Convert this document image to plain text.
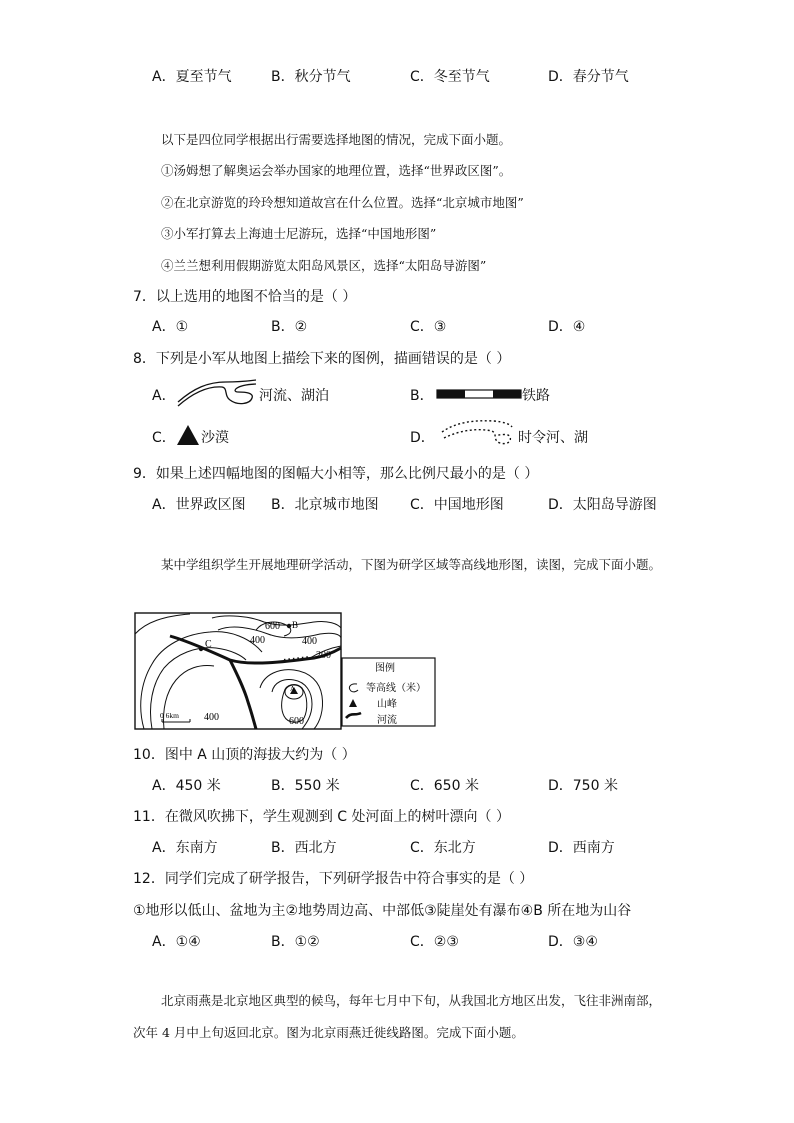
A．夏至节气	B．秋分节气	C．冬至节气	D．春分节气
以下是四位同学根据出行需要选择地图的情况，完成下面小题。
①汤姆想了解奥运会举办国家的地理位置，选择“世界政区图”。
②在北京游览的玲玲想知道故宫在什么位置。选择“北京城市地图”
③小军打算去上海迪士尼游玩，选择“中国地形图”
④兰兰想利用假期游览太阳岛风景区，选择“太阳岛导游图”
7．以上选用的地图不恰当的是（ ）
A．①	B．②	C．③	D．④
8．下列是小军从地图上描绘下来的图例，描画错误的是（ ）
A．	河流、湖泊	B．	铁路
C． 沙漠	D．	时令河、湖
9．如果上述四幅地图的图幅大小相等，那么比例尺最小的是（ ）
A．世界政区图 B．北京城市地图 C．中国地形图	D．太阳岛导游图
某中学组织学生开展地理研学活动，下图为研学区域等高线地形图，读图，完成下面小题。
600 B
400	400
200
C
A
400	600
0 6km
图例
等高线（米）
山峰
河流
10．图中 A 山顶的海拔大约为（ ）
A．450 米	B．550 米	C．650 米	D．750 米
11．在微风吹拂下，学生观测到 C 处河面上的树叶漂向（ ）
A．东南方	B．西北方	C．东北方	D．西南方
12．同学们完成了研学报告，下列研学报告中符合事实的是（ ）
①地形以低山、盆地为主②地势周边高、中部低③陡崖处有瀑布④B 所在地为山谷
A．①④	B．①②	C．②③	D．③④
北京雨燕是北京地区典型的候鸟，每年七月中下旬，从我国北方地区出发，飞往非洲南部，次年 4 月中上旬返回北京。图为北京雨燕迁徙线路图。完成下面小题。
